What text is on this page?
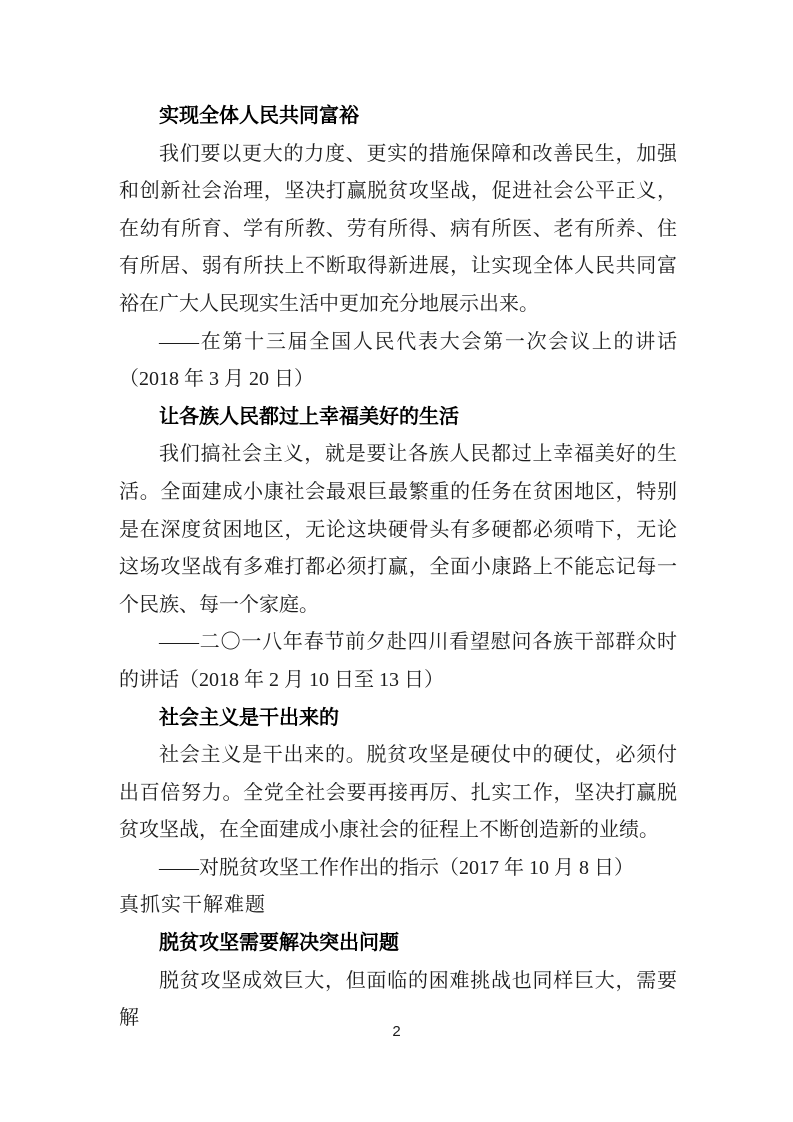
实现全体人民共同富裕

我们要以更大的力度、更实的措施保障和改善民生，加强和创新社会治理，坚决打赢脱贫攻坚战，促进社会公平正义，在幼有所育、学有所教、劳有所得、病有所医、老有所养、住有所居、弱有所扶上不断取得新进展，让实现全体人民共同富裕在广大人民现实生活中更加充分地展示出来。

——在第十三届全国人民代表大会第一次会议上的讲话（2018 年 3 月 20 日）

让各族人民都过上幸福美好的生活

我们搞社会主义，就是要让各族人民都过上幸福美好的生活。全面建成小康社会最艰巨最繁重的任务在贫困地区，特别是在深度贫困地区，无论这块硬骨头有多硬都必须啃下，无论这场攻坚战有多难打都必须打赢，全面小康路上不能忘记每一个民族、每一个家庭。

——二〇一八年春节前夕赴四川看望慰问各族干部群众时的讲话（2018 年 2 月 10 日至 13 日）

社会主义是干出来的

社会主义是干出来的。脱贫攻坚是硬仗中的硬仗，必须付出百倍努力。全党全社会要再接再厉、扎实工作，坚决打赢脱贫攻坚战，在全面建成小康社会的征程上不断创造新的业绩。

——对脱贫攻坚工作作出的指示（2017 年 10 月 8 日）

真抓实干解难题

脱贫攻坚需要解决突出问题

脱贫攻坚成效巨大，但面临的困难挑战也同样巨大，需要解

2
